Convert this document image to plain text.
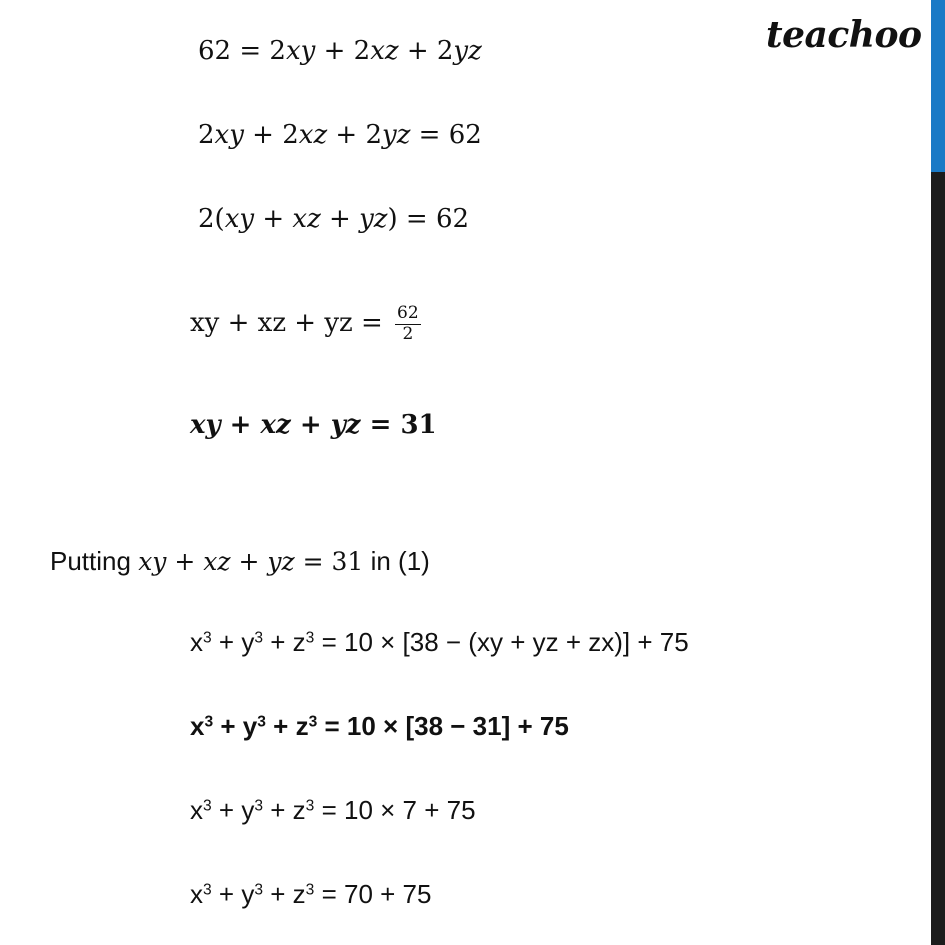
teachoo
62 = 2xy + 2xz + 2yz
2xy + 2xz + 2yz = 62
2(xy + xz + yz) = 62
xy + xz + yz = $\frac{62}{2}$
xy + xz + yz = 31
Putting xy + xz + yz = 31 in (1)
$x^3 + y^3 + z^3 = 10 \times [38 - (xy$ + yz + zx)] + 75
$x^3 + y^3 + z^3 = 10 \times [38 - 31] + 75$
$x^3 + y^3 + z^3 = 10 \times 7 + 75$
$x^3 + y^3 + z^3 = 70 + 75$
